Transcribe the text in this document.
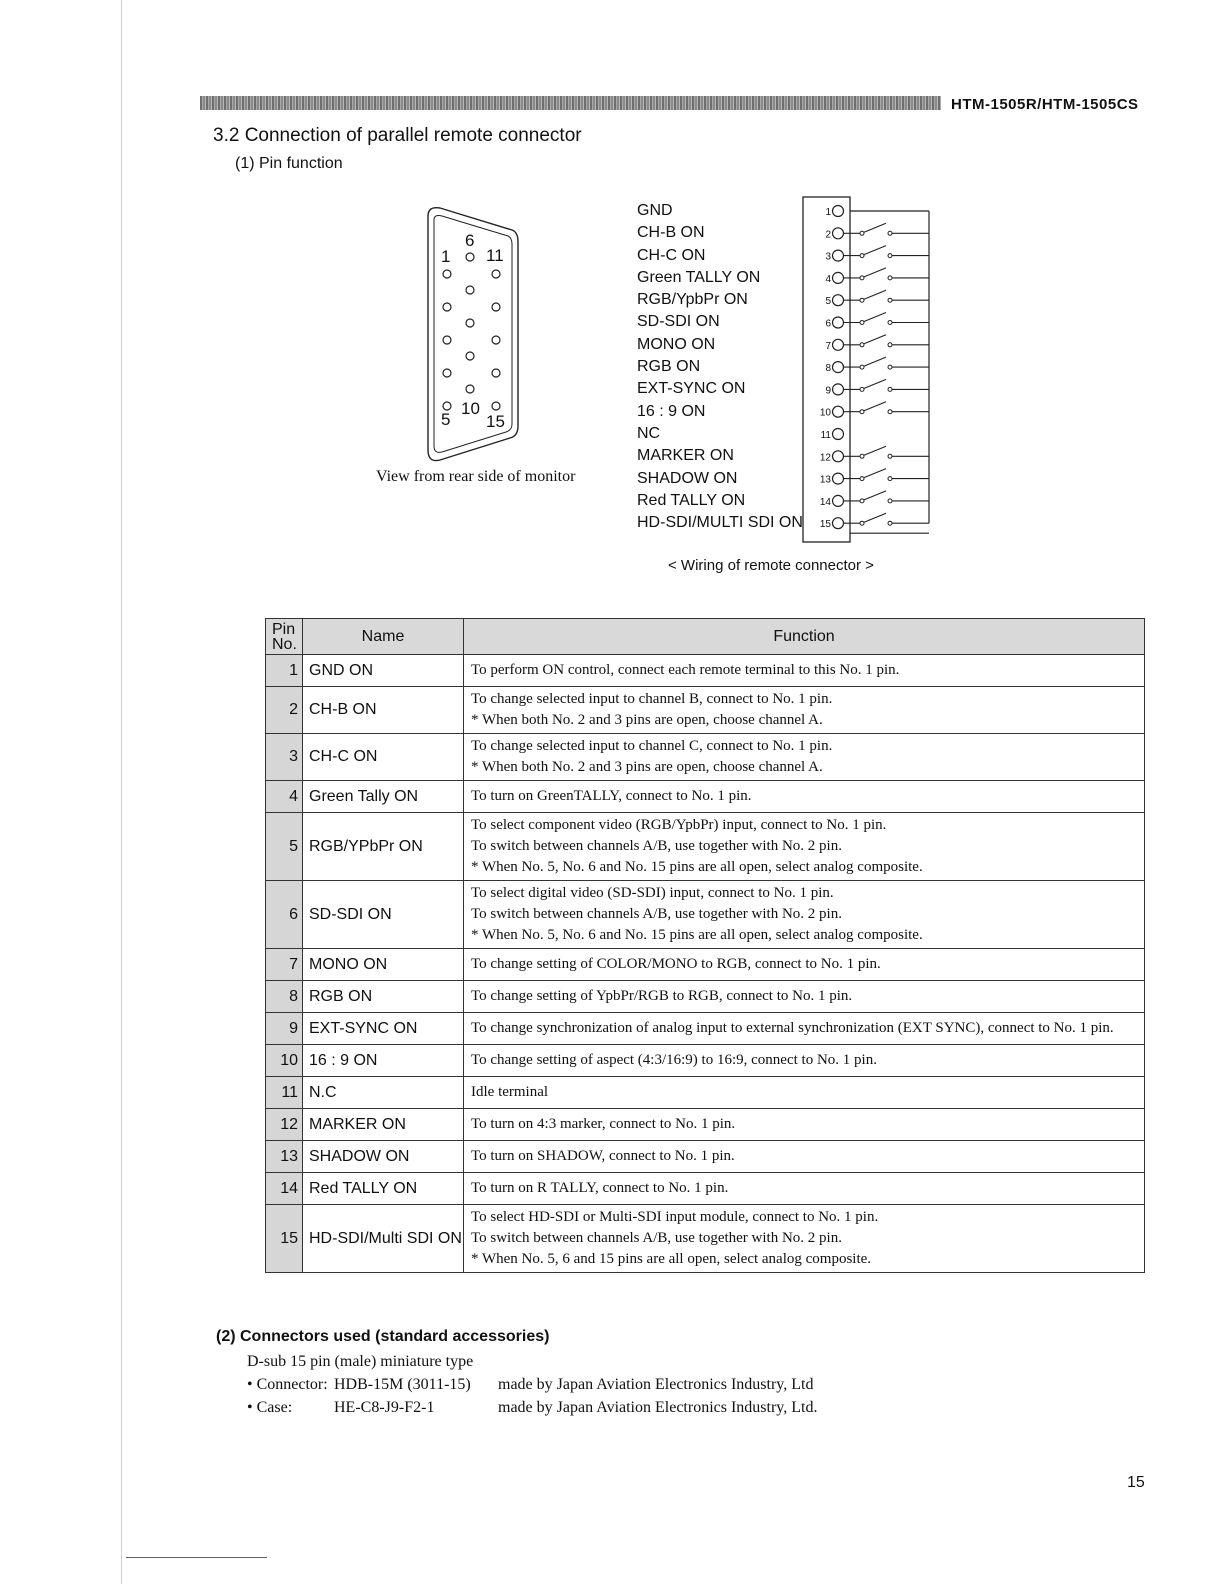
HTM-1505R/HTM-1505CS
3.2 Connection of parallel remote connector
(1) Pin function
1
5
6
10
11
15
View from rear side of monitor
GND
CH-B ON
CH-C ON
Green TALLY ON
RGB/YpbPr ON
SD-SDI ON
MONO ON
RGB ON
EXT-SYNC ON
16 : 9 ON
NC
MARKER ON
SHADOW ON
Red TALLY ON
HD-SDI/MULTI SDI ON
1
2
3
4
5
6
7
8
9
10
11
12
13
14
15
< Wiring of remote connector >
Pin No.	Name	Function
1	GND ON	To perform ON control, connect each remote terminal to this No. 1 pin.

2	CH-B ON	To change selected input to channel B, connect to No. 1 pin.
* When both No. 2 and 3 pins are open, choose channel A.

3	CH-C ON	To change selected input to channel C, connect to No. 1 pin.
* When both No. 2 and 3 pins are open, choose channel A.

4	Green Tally ON	To turn on GreenTALLY, connect to No. 1 pin.

5	RGB/YPbPr ON	To select component video (RGB/YpbPr) input, connect to No. 1 pin.
To switch between channels A/B, use together with No. 2 pin.
* When No. 5, No. 6 and No. 15 pins are all open, select analog composite.

6	SD-SDI ON	To select digital video (SD-SDI) input, connect to No. 1 pin.
To switch between channels A/B, use together with No. 2 pin.
* When No. 5, No. 6 and No. 15 pins are all open, select analog composite.

7	MONO ON	To change setting of COLOR/MONO to RGB, connect to No. 1 pin.

8	RGB ON	To change setting of YpbPr/RGB to RGB, connect to No. 1 pin.

9	EXT-SYNC ON	To change synchronization of analog input to external synchronization (EXT SYNC), connect to No. 1 pin.

10	16 : 9 ON	To change setting of aspect (4:3/16:9) to 16:9, connect to No. 1 pin.

11	N.C	Idle terminal

12	MARKER ON	To turn on 4:3 marker, connect to No. 1 pin.

13	SHADOW ON	To turn on SHADOW, connect to No. 1 pin.

14	Red TALLY ON	To turn on R TALLY, connect to No. 1 pin.

15	HD-SDI/Multi SDI ON	To select HD-SDI or Multi-SDI input module, connect to No. 1 pin.
To switch between channels A/B, use together with No. 2 pin.
* When No. 5, 6 and 15 pins are all open, select analog composite.
(2) Connectors used (standard accessories)
D-sub 15 pin (male) miniature type
• Connector: HDB-15M (3011-15) made by Japan Aviation Electronics Industry, Ltd
• Case:	HE-C8-J9-F2-1	made by Japan Aviation Electronics Industry, Ltd.
15
